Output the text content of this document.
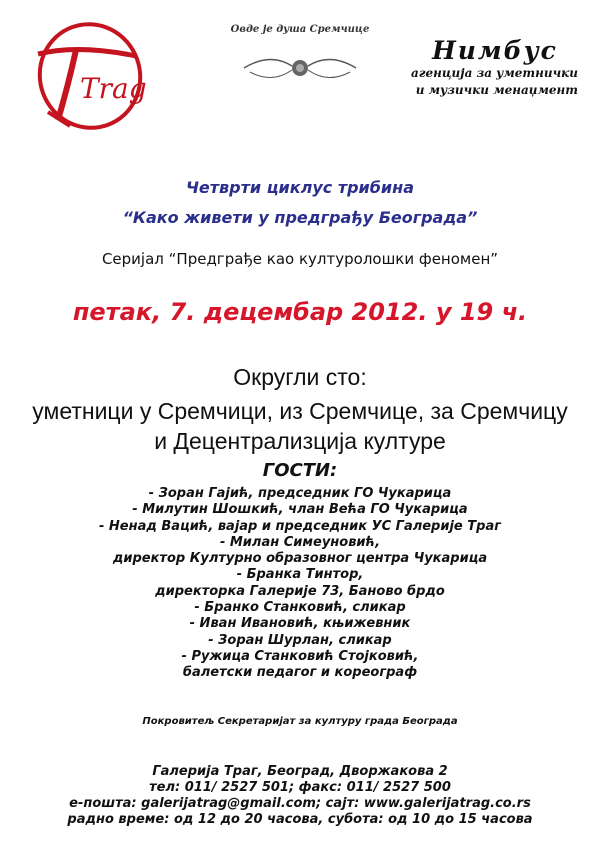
Trag
Овде је душа Сремчице
Нимбус
агенција за уметнички
и музички менаџмент
Четврти циклус трибина
“Како живети у предграђу Београда”
Серијал “Предграђе као културолошки феномен”
петак, 7. децембар 2012. у 19 ч.
Округли сто:
уметници у Сремчици, из Сремчице, за Сремчицу
и Децентрализција културе
ГОСТИ:
- Зоран Гајић, председник ГО Чукарица
- Милутин Шошкић, члан Већа ГО Чукарица
- Ненад Вацић, вајар и председник УС Галерије Траг
- Милан Симеуновић,
директор Културно образовног центра Чукарица
- Бранка Тинтор,
директорка Галерије 73, Баново брдо
- Бранко Станковић, сликар
- Иван Ивановић, књижевник
- Зоран Шурлан, сликар
- Ружица Станковић Стојковић,
балетски педагог и кореограф
Покровитељ Секретаријат за културу града Београда
Галерија Траг, Београд, Дворжакова 2
тел: 011/ 2527 501; факс: 011/ 2527 500
e-пошта: galerijatrag@gmail.com; сајт: www.galerijatrag.co.rs
радно време: од 12 до 20 часова, субота: од 10 до 15 часова
